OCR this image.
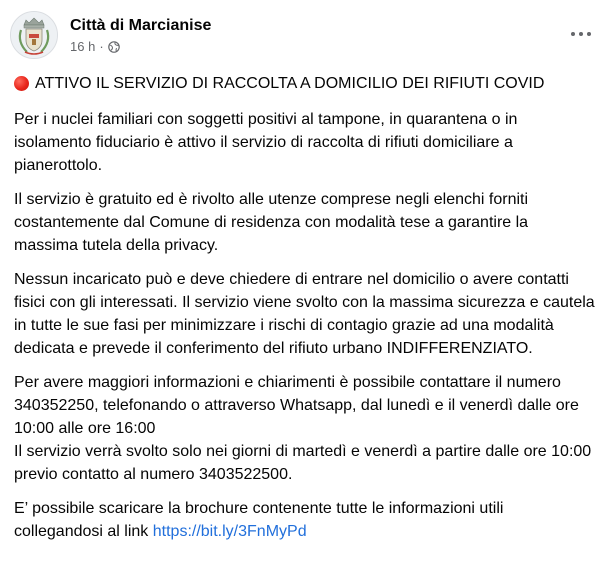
Città di Marcianise
16 h ·
ATTIVO IL SERVIZIO DI RACCOLTA A DOMICILIO DEI RIFIUTI COVID

Per i nuclei familiari con soggetti positivi al tampone, in quarantena o in isolamento fiduciario è attivo il servizio di raccolta di rifiuti domiciliare a pianerottolo.

Il servizio è gratuito ed è rivolto alle utenze comprese negli elenchi forniti costantemente dal Comune di residenza con modalità tese a garantire la massima tutela della privacy.

Nessun incaricato può e deve chiedere di entrare nel domicilio o avere contatti fisici con gli interessati. Il servizio viene svolto con la massima sicurezza e cautela in tutte le sue fasi per minimizzare i rischi di contagio grazie ad una modalità dedicata e prevede il conferimento del rifiuto urbano INDIFFERENZIATO.

Per avere maggiori informazioni e chiarimenti è possibile contattare il numero 340352250, telefonando o attraverso Whatsapp, dal lunedì e il venerdì dalle ore 10:00 alle ore 16:00

Il servizio verrà svolto solo nei giorni di martedì e venerdì a partire dalle ore 10:00 previo contatto al numero 3403522500.

E’ possibile scaricare la brochure contenente tutte le informazioni utili collegandosi al link https://bit.ly/3FnMyPd
